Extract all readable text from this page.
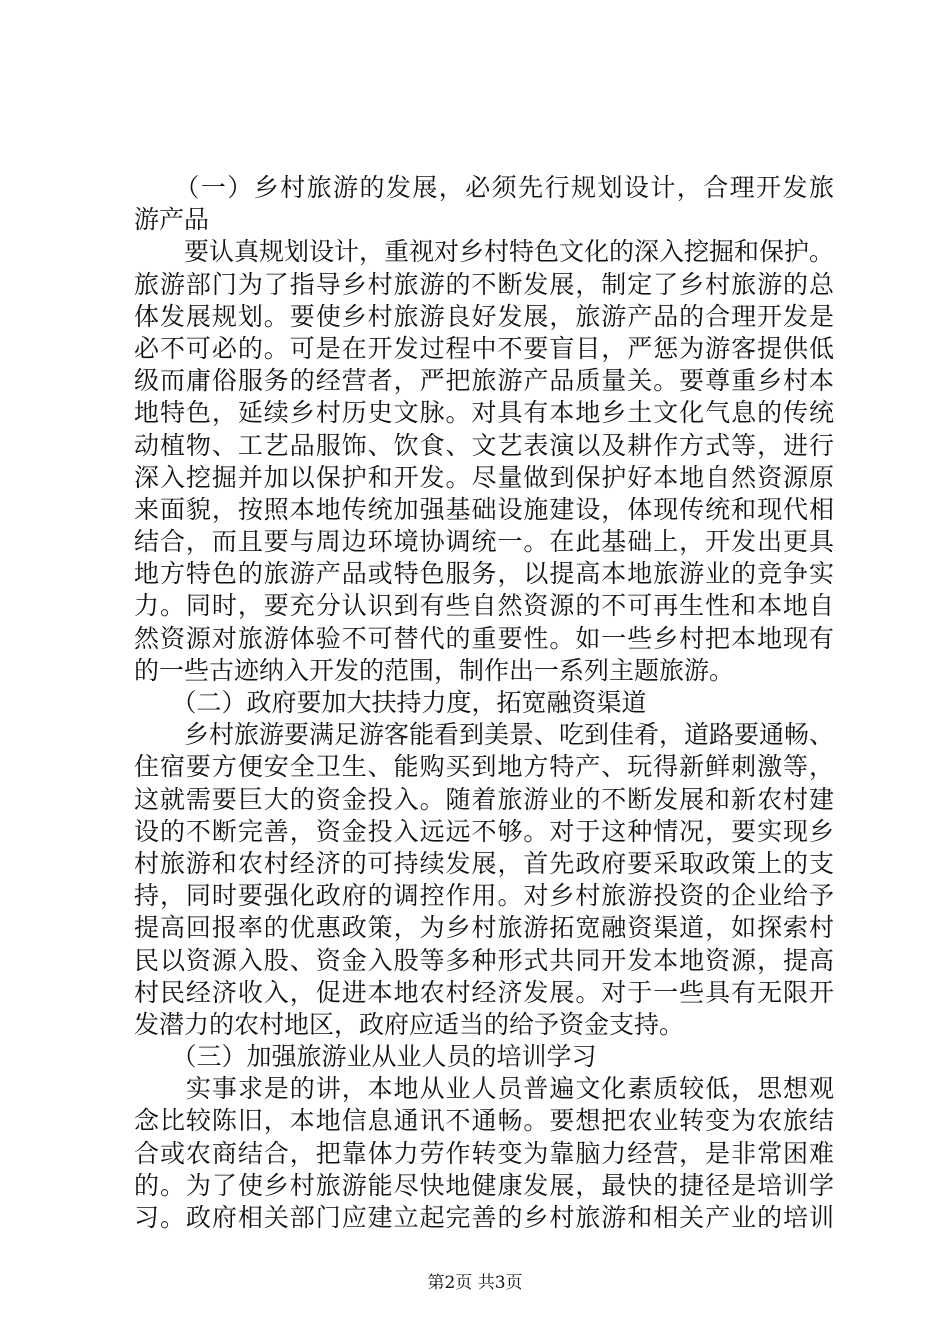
　　（一）乡村旅游的发展，必须先行规划设计，合理开发旅
游产品
　　要认真规划设计，重视对乡村特色文化的深入挖掘和保护。
旅游部门为了指导乡村旅游的不断发展，制定了乡村旅游的总
体发展规划。要使乡村旅游良好发展，旅游产品的合理开发是
必不可必的。可是在开发过程中不要盲目，严惩为游客提供低
级而庸俗服务的经营者，严把旅游产品质量关。要尊重乡村本
地特色，延续乡村历史文脉。对具有本地乡土文化气息的传统
动植物、工艺品服饰、饮食、文艺表演以及耕作方式等，进行
深入挖掘并加以保护和开发。尽量做到保护好本地自然资源原
来面貌，按照本地传统加强基础设施建设，体现传统和现代相
结合，而且要与周边环境协调统一。在此基础上，开发出更具
地方特色的旅游产品或特色服务，以提高本地旅游业的竞争实
力。同时，要充分认识到有些自然资源的不可再生性和本地自
然资源对旅游体验不可替代的重要性。如一些乡村把本地现有
的一些古迹纳入开发的范围，制作出一系列主题旅游。
　　（二）政府要加大扶持力度，拓宽融资渠道
　　乡村旅游要满足游客能看到美景、吃到佳肴，道路要通畅、
住宿要方便安全卫生、能购买到地方特产、玩得新鲜刺激等，
这就需要巨大的资金投入。随着旅游业的不断发展和新农村建
设的不断完善，资金投入远远不够。对于这种情况，要实现乡
村旅游和农村经济的可持续发展，首先政府要采取政策上的支
持，同时要强化政府的调控作用。对乡村旅游投资的企业给予
提高回报率的优惠政策，为乡村旅游拓宽融资渠道，如探索村
民以资源入股、资金入股等多种形式共同开发本地资源，提高
村民经济收入，促进本地农村经济发展。对于一些具有无限开
发潜力的农村地区，政府应适当的给予资金支持。
　　（三）加强旅游业从业人员的培训学习
　　实事求是的讲，本地从业人员普遍文化素质较低，思想观
念比较陈旧，本地信息通讯不通畅。要想把农业转变为农旅结
合或农商结合，把靠体力劳作转变为靠脑力经营，是非常困难
的。为了使乡村旅游能尽快地健康发展，最快的捷径是培训学
习。政府相关部门应建立起完善的乡村旅游和相关产业的培训
第2页 共3页
